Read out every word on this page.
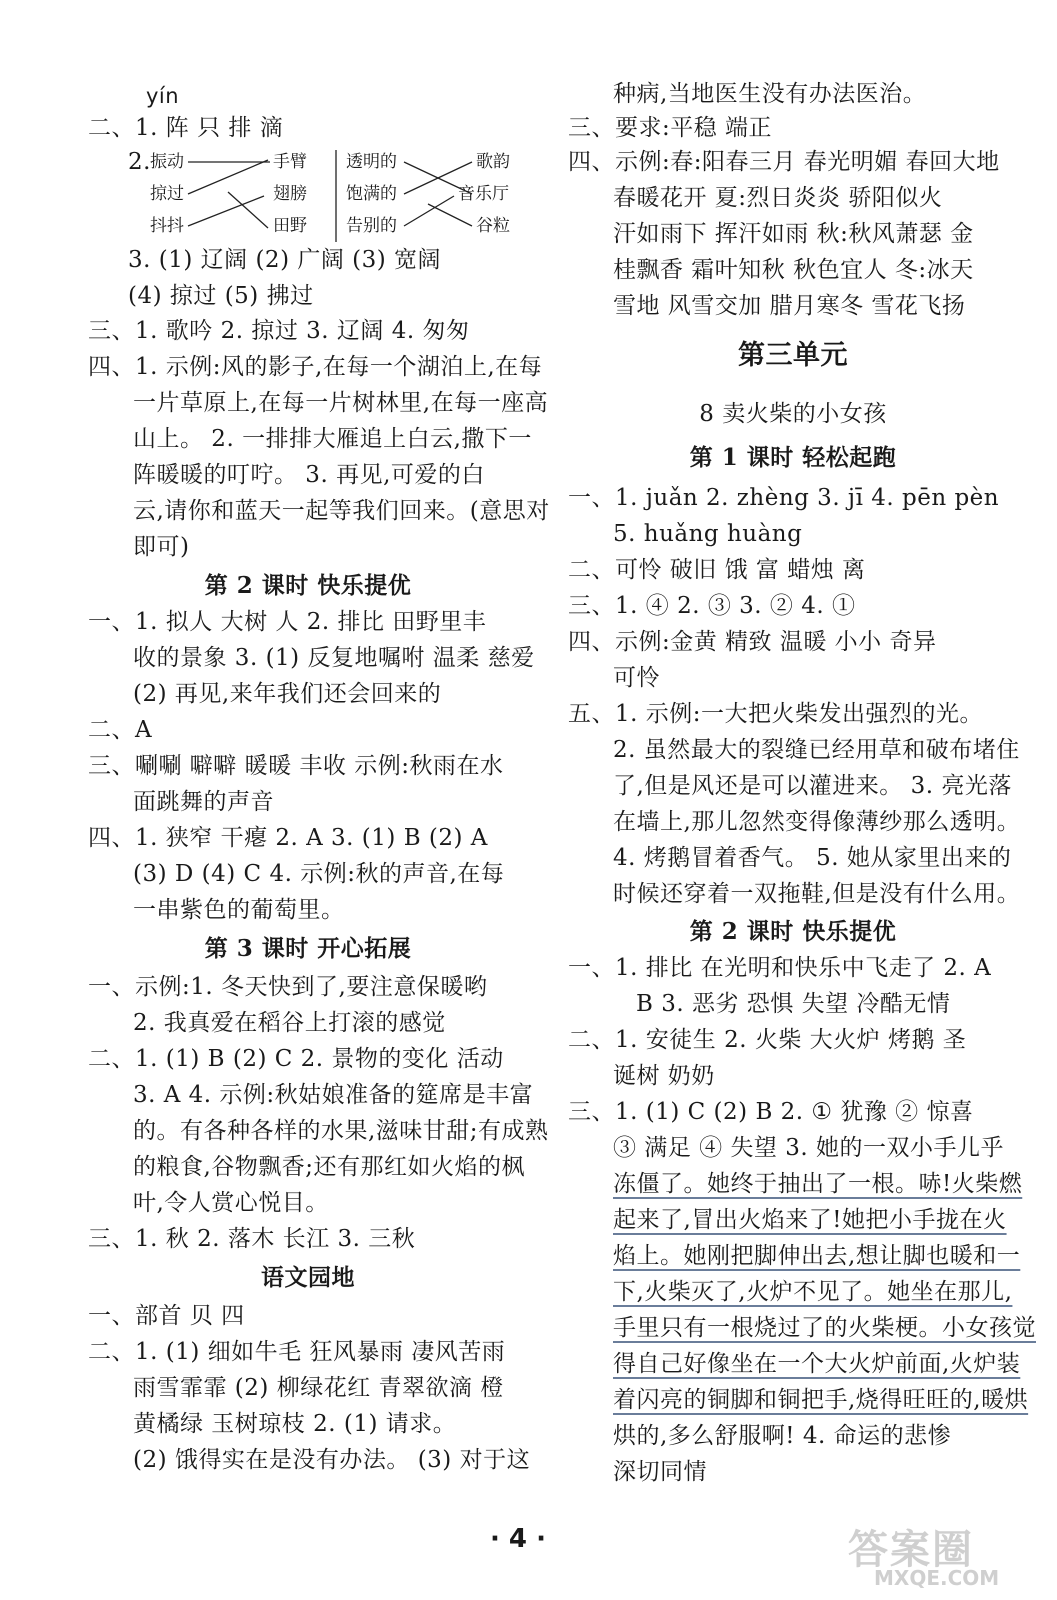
yín
二、1. 阵 只 排 滴
2. 振动
掠过
抖抖
手臂
翅膀
田野
透明的
饱满的
告别的
歌韵
音乐厅
谷粒
3. (1) 辽阔 (2) 广阔 (3) 宽阔
(4) 掠过 (5) 拂过
三、1. 歌吟 2. 掠过 3. 辽阔 4. 匆匆
四、1. 示例:风的影子,在每一个湖泊上,在每
一片草原上,在每一片树林里,在每一座高
山上。 2. 一排排大雁追上白云,撒下一
阵暖暖的叮咛。 3. 再见,可爱的白
云,请你和蓝天一起等我们回来。(意思对
即可)
第 2 课时 快乐提优
一、1. 拟人 大树 人 2. 排比 田野里丰
收的景象 3. (1) 反复地嘱咐 温柔 慈爱
(2) 再见,来年我们还会回来的
二、A
三、唰唰 噼噼 暖暖 丰收 示例:秋雨在水
面跳舞的声音
四、1. 狭窄 干瘪 2. A 3. (1) B (2) A
(3) D (4) C 4. 示例:秋的声音,在每
一串紫色的葡萄里。
第 3 课时 开心拓展
一、示例:1. 冬天快到了,要注意保暖哟
2. 我真爱在稻谷上打滚的感觉
二、1. (1) B (2) C 2. 景物的变化 活动
3. A 4. 示例:秋姑娘准备的筵席是丰富
的。有各种各样的水果,滋味甘甜;有成熟
的粮食,谷物飘香;还有那红如火焰的枫
叶,令人赏心悦目。
三、1. 秋 2. 落木 长江 3. 三秋
语文园地
一、部首 贝 四
二、1. (1) 细如牛毛 狂风暴雨 凄风苦雨
雨雪霏霏 (2) 柳绿花红 青翠欲滴 橙
黄橘绿 玉树琼枝 2. (1) 请求。
(2) 饿得实在是没有办法。 (3) 对于这
种病,当地医生没有办法医治。
三、要求:平稳 端正
四、示例:春:阳春三月 春光明媚 春回大地
春暖花开 夏:烈日炎炎 骄阳似火
汗如雨下 挥汗如雨 秋:秋风萧瑟 金
桂飘香 霜叶知秋 秋色宜人 冬:冰天
雪地 风雪交加 腊月寒冬 雪花飞扬
第三单元
8 卖火柴的小女孩
第 1 课时 轻松起跑
一、1. juǎn 2. zhèng 3. jī 4. pēn pèn
5. huǎng huàng
二、可怜 破旧 饿 富 蜡烛 离
三、1. ④ 2. ③ 3. ② 4. ①
四、示例:金黄 精致 温暖 小小 奇异
可怜
五、1. 示例:一大把火柴发出强烈的光。
2. 虽然最大的裂缝已经用草和破布堵住
了,但是风还是可以灌进来。 3. 亮光落
在墙上,那儿忽然变得像薄纱那么透明。
4. 烤鹅冒着香气。 5. 她从家里出来的
时候还穿着一双拖鞋,但是没有什么用。
第 2 课时 快乐提优
一、1. 排比 在光明和快乐中飞走了 2. A
B 3. 恶劣 恐惧 失望 冷酷无情
二、1. 安徒生 2. 火柴 大火炉 烤鹅 圣
诞树 奶奶
三、1. (1) C (2) B 2. ① 犹豫 ② 惊喜
③ 满足 ④ 失望 3. 她的一双小手儿乎
冻僵了。她终于抽出了一根。哧!火柴燃
起来了,冒出火焰来了!她把小手拢在火
焰上。她刚把脚伸出去,想让脚也暖和一
下,火柴灭了,火炉不见了。她坐在那儿,
手里只有一根烧过了的火柴梗。小女孩觉
得自己好像坐在一个大火炉前面,火炉装
着闪亮的铜脚和铜把手,烧得旺旺的,暖烘
烘的,多么舒服啊! 4. 命运的悲惨
深切同情
· 4 ·	答案圈
MXQE.COM
